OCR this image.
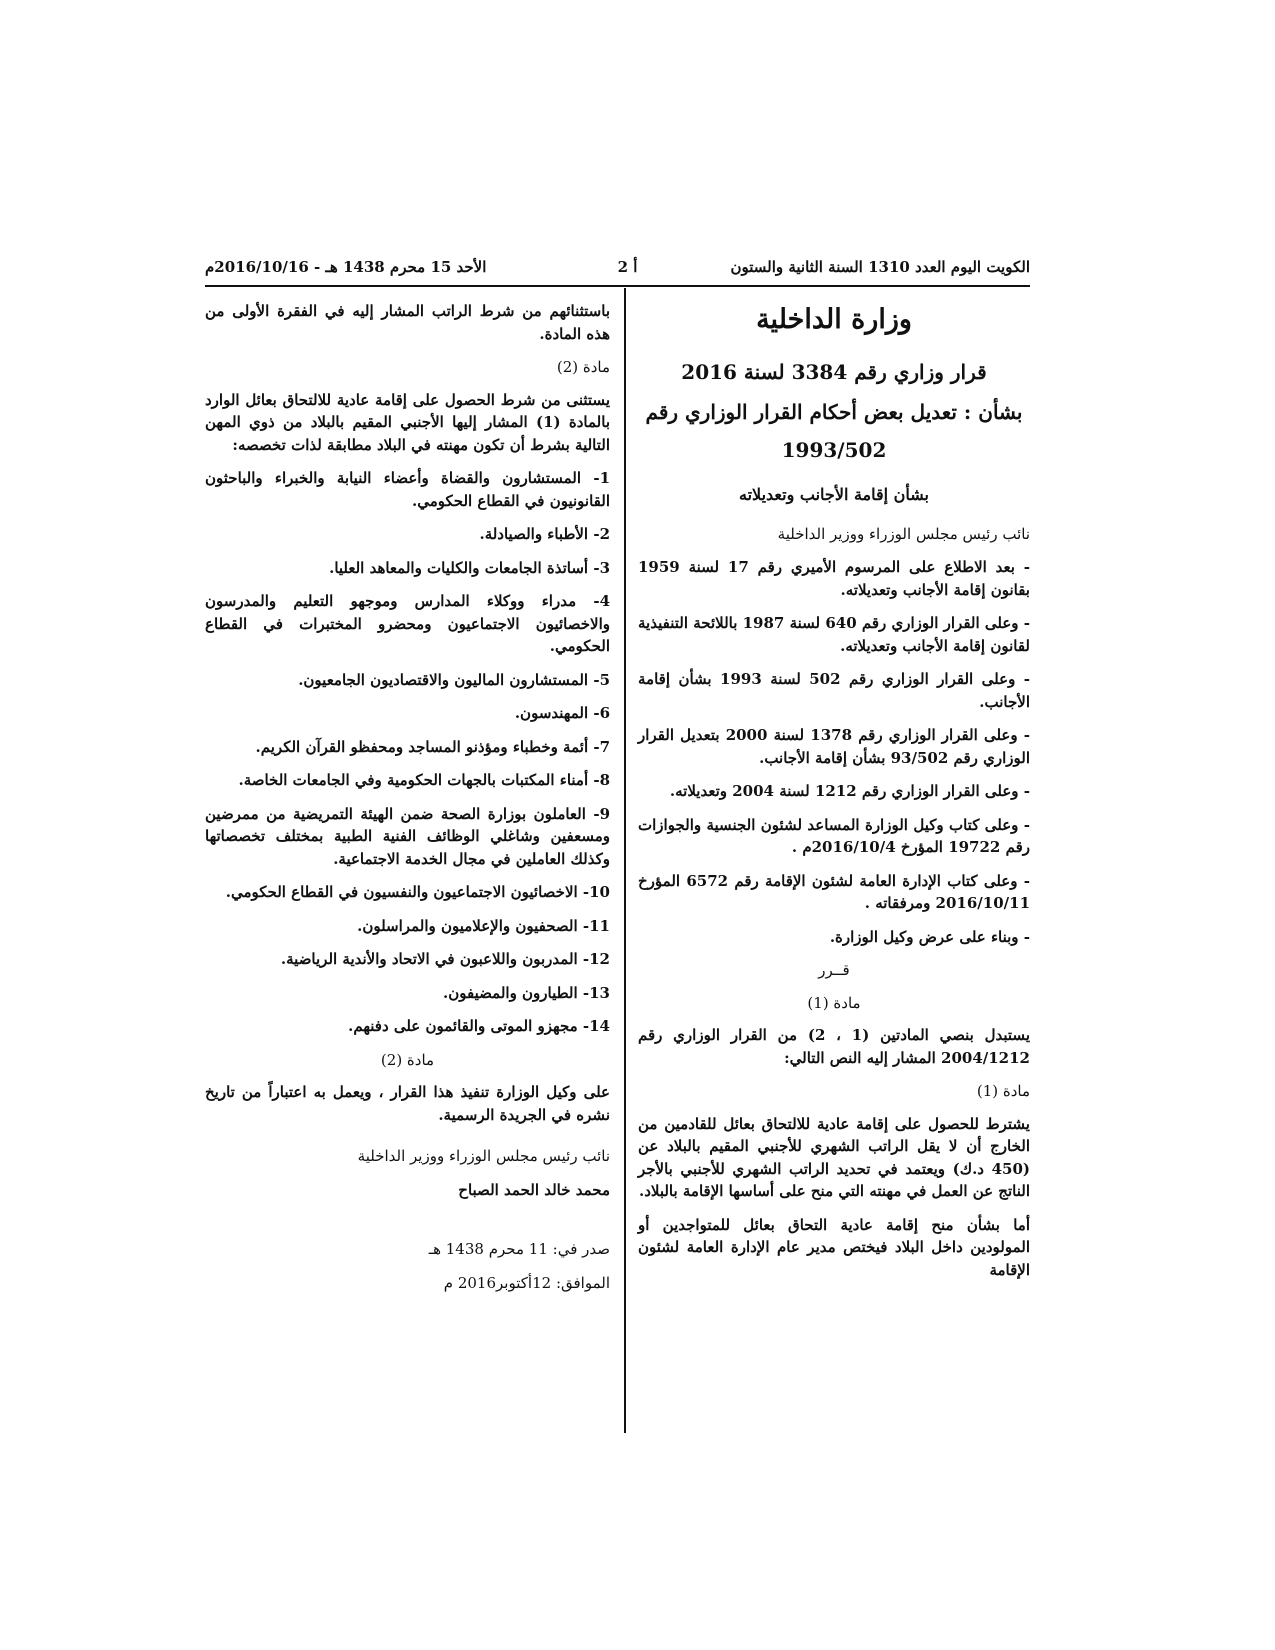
الكويت اليوم العدد 1310 السنة الثانية والستون
أ 2
الأحد 15 محرم 1438 هـ - 2016/10/16م
وزارة الداخلية
قرار وزاري رقم 3384 لسنة 2016
بشأن : تعديل بعض أحكام القرار الوزاري رقم
1993/502
بشأن إقامة الأجانب وتعديلاته
نائب رئيس مجلس الوزراء ووزير الداخلية
- بعد الاطلاع على المرسوم الأميري رقم 17 لسنة 1959 بقانون إقامة الأجانب وتعديلاته.
- وعلى القرار الوزاري رقم 640 لسنة 1987 باللائحة التنفيذية لقانون إقامة الأجانب وتعديلاته.
- وعلى القرار الوزاري رقم 502 لسنة 1993 بشأن إقامة الأجانب.
- وعلى القرار الوزاري رقم 1378 لسنة 2000 بتعديل القرار الوزاري رقم 93/502 بشأن إقامة الأجانب.
- وعلى القرار الوزاري رقم 1212 لسنة 2004 وتعديلاته.
- وعلى كتاب وكيل الوزارة المساعد لشئون الجنسية والجوازات رقم 19722 المؤرخ 2016/10/4م .
- وعلى كتاب الإدارة العامة لشئون الإقامة رقم 6572 المؤرخ 2016/10/11 ومرفقاته .
- وبناء على عرض وكيل الوزارة.
قــرر
مادة (1)
يستبدل بنصي المادتين (1 ، 2) من القرار الوزاري رقم 2004/1212 المشار إليه النص التالي:
مادة (1)
يشترط للحصول على إقامة عادية للالتحاق بعائل للقادمين من الخارج أن لا يقل الراتب الشهري للأجنبي المقيم بالبلاد عن (450 د.ك) ويعتمد في تحديد الراتب الشهري للأجنبي بالأجر الناتج عن العمل في مهنته التي منح على أساسها الإقامة بالبلاد.
أما بشأن منح إقامة عادية التحاق بعائل للمتواجدين أو المولودين داخل البلاد فيختص مدير عام الإدارة العامة لشئون الإقامة
باستثنائهم من شرط الراتب المشار إليه في الفقرة الأولى من هذه المادة.
مادة (2)
يستثنى من شرط الحصول على إقامة عادية للالتحاق بعائل الوارد بالمادة (1) المشار إليها الأجنبي المقيم بالبلاد من ذوي المهن التالية بشرط أن تكون مهنته في البلاد مطابقة لذات تخصصه:
1- المستشارون والقضاة وأعضاء النيابة والخبراء والباحثون القانونيون في القطاع الحكومي.
2- الأطباء والصيادلة.
3- أساتذة الجامعات والكليات والمعاهد العليا.
4- مدراء ووكلاء المدارس وموجهو التعليم والمدرسون والاخصائيون الاجتماعيون ومحضرو المختبرات في القطاع الحكومي.
5- المستشارون الماليون والاقتصاديون الجامعيون.
6- المهندسون.
7- أئمة وخطباء ومؤذنو المساجد ومحفظو القرآن الكريم.
8- أمناء المكتبات بالجهات الحكومية وفي الجامعات الخاصة.
9- العاملون بوزارة الصحة ضمن الهيئة التمريضية من ممرضين ومسعفين وشاغلي الوظائف الفنية الطبية بمختلف تخصصاتها وكذلك العاملين في مجال الخدمة الاجتماعية.
10- الاخصائيون الاجتماعيون والنفسيون في القطاع الحكومي.
11- الصحفيون والإعلاميون والمراسلون.
12- المدربون واللاعبون في الاتحاد والأندية الرياضية.
13- الطيارون والمضيفون.
14- مجهزو الموتى والقائمون على دفنهم.
مادة (2)
على وكيل الوزارة تنفيذ هذا القرار ، ويعمل به اعتباراً من تاريخ نشره في الجريدة الرسمية.
نائب رئيس مجلس الوزراء ووزير الداخلية
محمد خالد الحمد الصباح
صدر في: 11 محرم 1438 هـ
الموافق: 12أكتوبر2016 م
